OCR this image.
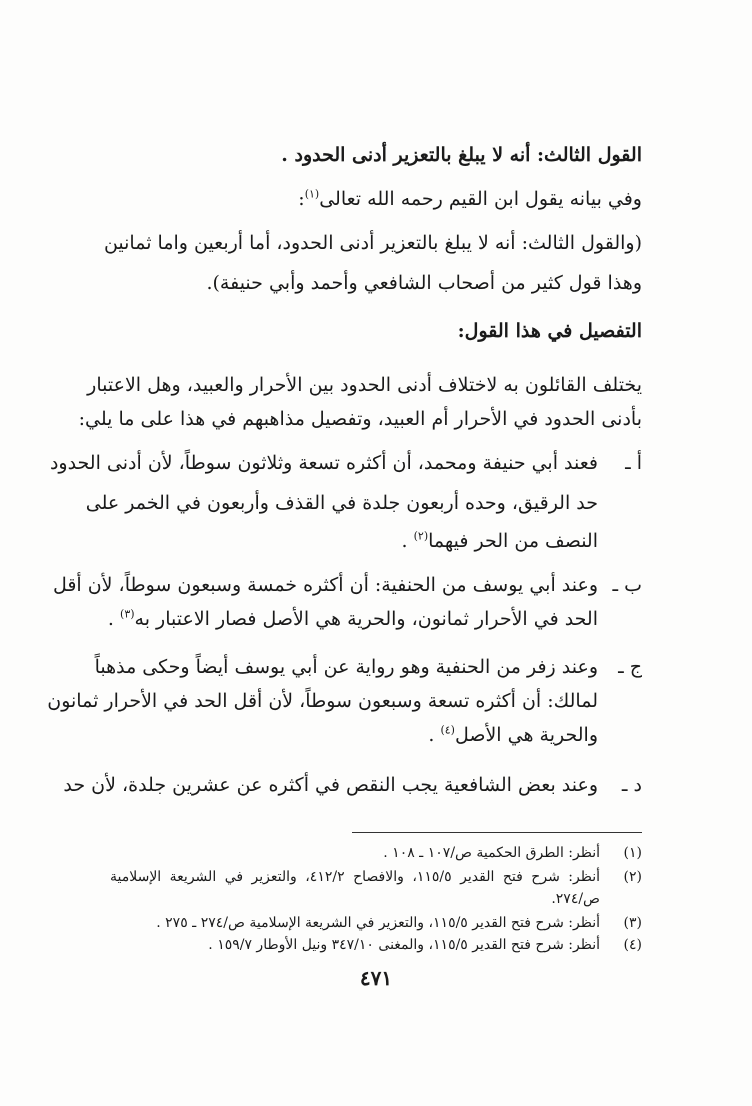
القول الثالث: أنه لا يبلغ بالتعزير أدنى الحدود .
وفي بيانه يقول ابن القيم رحمه الله تعالى$^{(١)}$:
(والقول الثالث: أنه لا يبلغ بالتعزير أدنى الحدود، أما أربعين واما ثمانين
وهذا قول كثير من أصحاب الشافعي وأحمد وأبي حنيفة).
التفصيل في هذا القول:
يختلف القائلون به لاختلاف أدنى الحدود بين الأحرار والعبيد، وهل الاعتبار
بأدنى الحدود في الأحرار أم العبيد، وتفصيل مذاهبهم في هذا على ما يلي:
أ ـ
فعند أبي حنيفة ومحمد، أن أكثره تسعة وثلاثون سوطاً، لأن أدنى الحدود
حد الرقيق، وحده أربعون جلدة في القذف وأربعون في الخمر على
النصف من الحر فيهما$^{(٢)}$ .
ب ـ
وعند أبي يوسف من الحنفية: أن أكثره خمسة وسبعون سوطاً، لأن أقل
الحد في الأحرار ثمانون، والحرية هي الأصل فصار الاعتبار به$^{(٣)}$ .
ج ـ
وعند زفر من الحنفية وهو رواية عن أبي يوسف أيضاً وحكى مذهباً
لمالك: أن أكثره تسعة وسبعون سوطاً، لأن أقل الحد في الأحرار ثمانون
والحرية هي الأصل$^{(٤)}$ .
د ـ
وعند بعض الشافعية يجب النقص في أكثره عن عشرين جلدة، لأن حد
(١)
أنظر: الطرق الحكمية ص/١٠٧ ـ ١٠٨ .
(٢)
أنظر: شرح فتح القدير ١١٥/٥، والافصاح ٤١٢/٢، والتعزير في الشريعة الإسلامية
ص/٢٧٤.
(٣)
أنظر: شرح فتح القدير ١١٥/٥، والتعزير في الشريعة الإسلامية ص/٢٧٤ ـ ٢٧٥ .
(٤)
أنظر: شرح فتح القدير ١١٥/٥، والمغنى ٣٤٧/١٠ ونيل الأوطار ١٥٩/٧ .
٤٧١
